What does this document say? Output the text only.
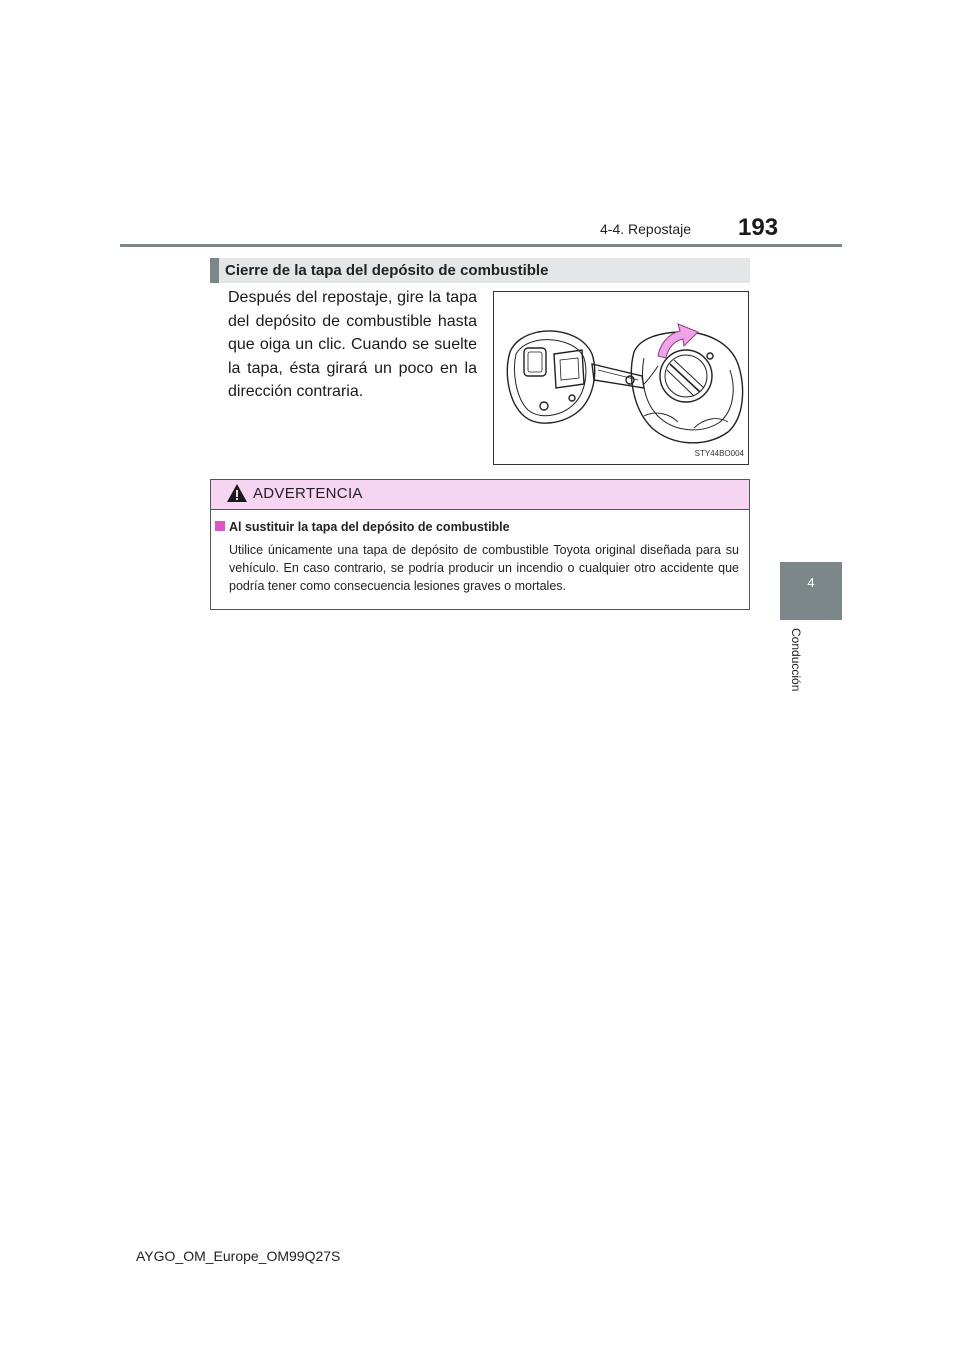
4-4. Repostaje 193
4
Conducción
Cierre de la tapa del depósito de combustible
Después del repostaje, gire la tapa del depósito de combustible hasta que oiga un clic. Cuando se suelte la tapa, ésta girará un poco en la dirección contraria.
STY44BO004
ADVERTENCIA
Al sustituir la tapa del depósito de combustible
Utilice únicamente una tapa de depósito de combustible Toyota original diseñada para su vehículo. En caso contrario, se podría producir un incendio o cualquier otro accidente que podría tener como consecuencia lesiones graves o mortales.
AYGO_OM_Europe_OM99Q27S
